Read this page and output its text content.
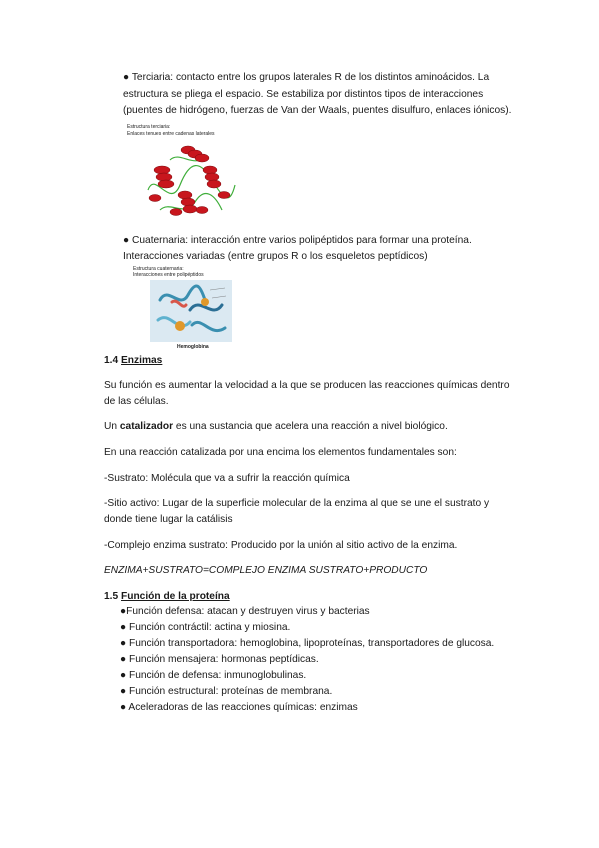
● Terciaria: contacto entre los grupos laterales R de los distintos aminoácidos. La
estructura se pliega el espacio. Se estabiliza por distintos tipos de interacciones
(puentes de hidrógeno, fuerzas de Van der Waals, puentes disulfuro, enlaces iónicos).
Estructura terciaria:
Enlaces tenues entre cadenas laterales
● Cuaternaria: interacción entre varios polipéptidos para formar una proteína.
Interacciones variadas (entre grupos R o los esqueletos peptídicos)
Estructura cuaternaria:
Interacciones entre polipéptidos
Hemoglobina
1.4 Enzimas
Su función es aumentar la velocidad a la que se producen las reacciones químicas dentro
de las células.
Un catalizador es una sustancia que acelera una reacción a nivel biológico.
En una reacción catalizada por una encima los elementos fundamentales son:
-Sustrato: Molécula que va a sufrir la reacción química
-Sitio activo: Lugar de la superficie molecular de la enzima al que se une el sustrato y
donde tiene lugar la catálisis
-Complejo enzima sustrato: Producido por la unión al sitio activo de la enzima.
ENZIMA+SUSTRATO=COMPLEJO ENZIMA SUSTRATO+PRODUCTO
1.5 Función de la proteína
●Función defensa: atacan y destruyen virus y bacterias
● Función contráctil: actina y miosina.
● Función transportadora: hemoglobina, lipoproteínas, transportadores de glucosa.
● Función mensajera: hormonas peptídicas.
● Función de defensa: inmunoglobulinas.
● Función estructural: proteínas de membrana.
● Aceleradoras de las reacciones químicas: enzimas
